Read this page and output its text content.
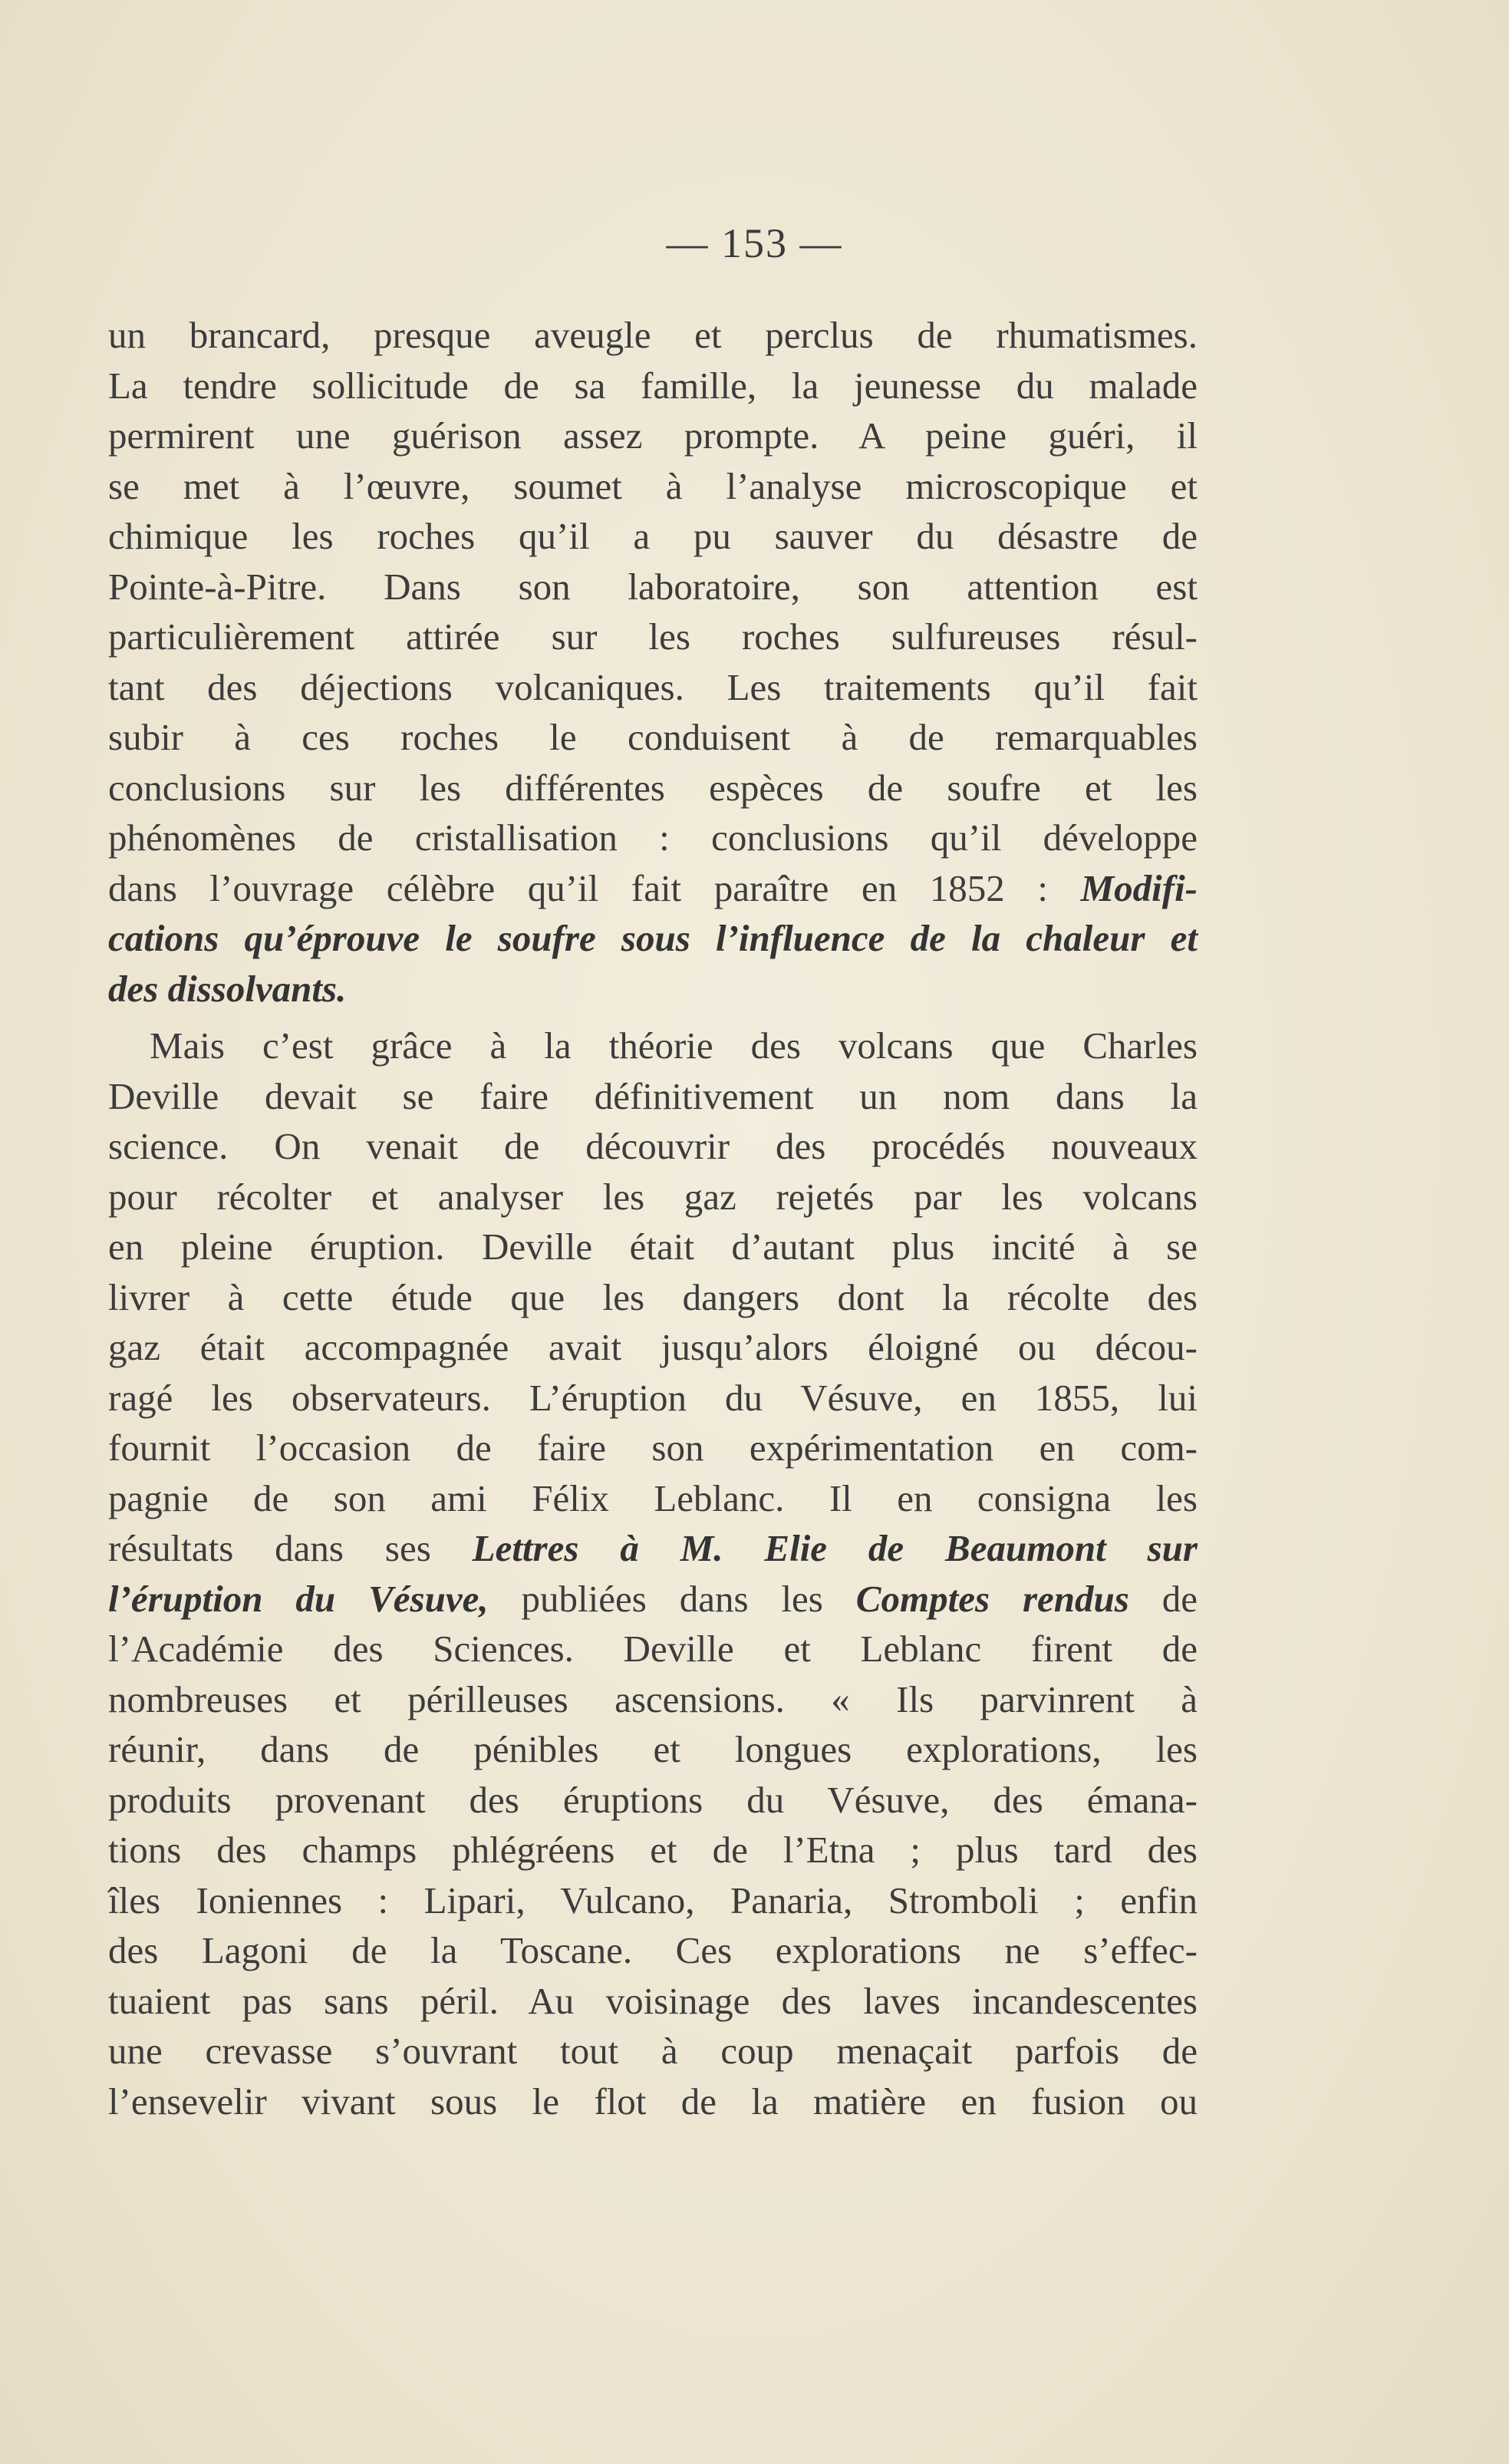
— 153 —
un brancard, presque aveugle et perclus de rhumatismes.
La tendre sollicitude de sa famille, la jeunesse du malade
permirent une guérison assez prompte. A peine guéri, il
se met à l’œuvre, soumet à l’analyse microscopique et
chimique les roches qu’il a pu sauver du désastre de
Pointe-à-Pitre. Dans son laboratoire, son attention est
particulièrement attirée sur les roches sulfureuses résul-
tant des déjections volcaniques. Les traitements qu’il fait
subir à ces roches le conduisent à de remarquables
conclusions sur les différentes espèces de soufre et les
phénomènes de cristallisation : conclusions qu’il développe
dans l’ouvrage célèbre qu’il fait paraître en 1852 : Modifi-
cations qu’éprouve le soufre sous l’influence de la chaleur et
des dissolvants.
Mais c’est grâce à la théorie des volcans que Charles
Deville devait se faire définitivement un nom dans la
science. On venait de découvrir des procédés nouveaux
pour récolter et analyser les gaz rejetés par les volcans
en pleine éruption. Deville était d’autant plus incité à se
livrer à cette étude que les dangers dont la récolte des
gaz était accompagnée avait jusqu’alors éloigné ou décou-
ragé les observateurs. L’éruption du Vésuve, en 1855, lui
fournit l’occasion de faire son expérimentation en com-
pagnie de son ami Félix Leblanc. Il en consigna les
résultats dans ses Lettres à M. Elie de Beaumont sur
l’éruption du Vésuve, publiées dans les Comptes rendus de
l’Académie des Sciences. Deville et Leblanc firent de
nombreuses et périlleuses ascensions. « Ils parvinrent à
réunir, dans de pénibles et longues explorations, les
produits provenant des éruptions du Vésuve, des émana-
tions des champs phlégréens et de l’Etna ; plus tard des
îles Ioniennes : Lipari, Vulcano, Panaria, Stromboli ; enfin
des Lagoni de la Toscane. Ces explorations ne s’effec-
tuaient pas sans péril. Au voisinage des laves incandescentes
une crevasse s’ouvrant tout à coup menaçait parfois de
l’ensevelir vivant sous le flot de la matière en fusion ou
